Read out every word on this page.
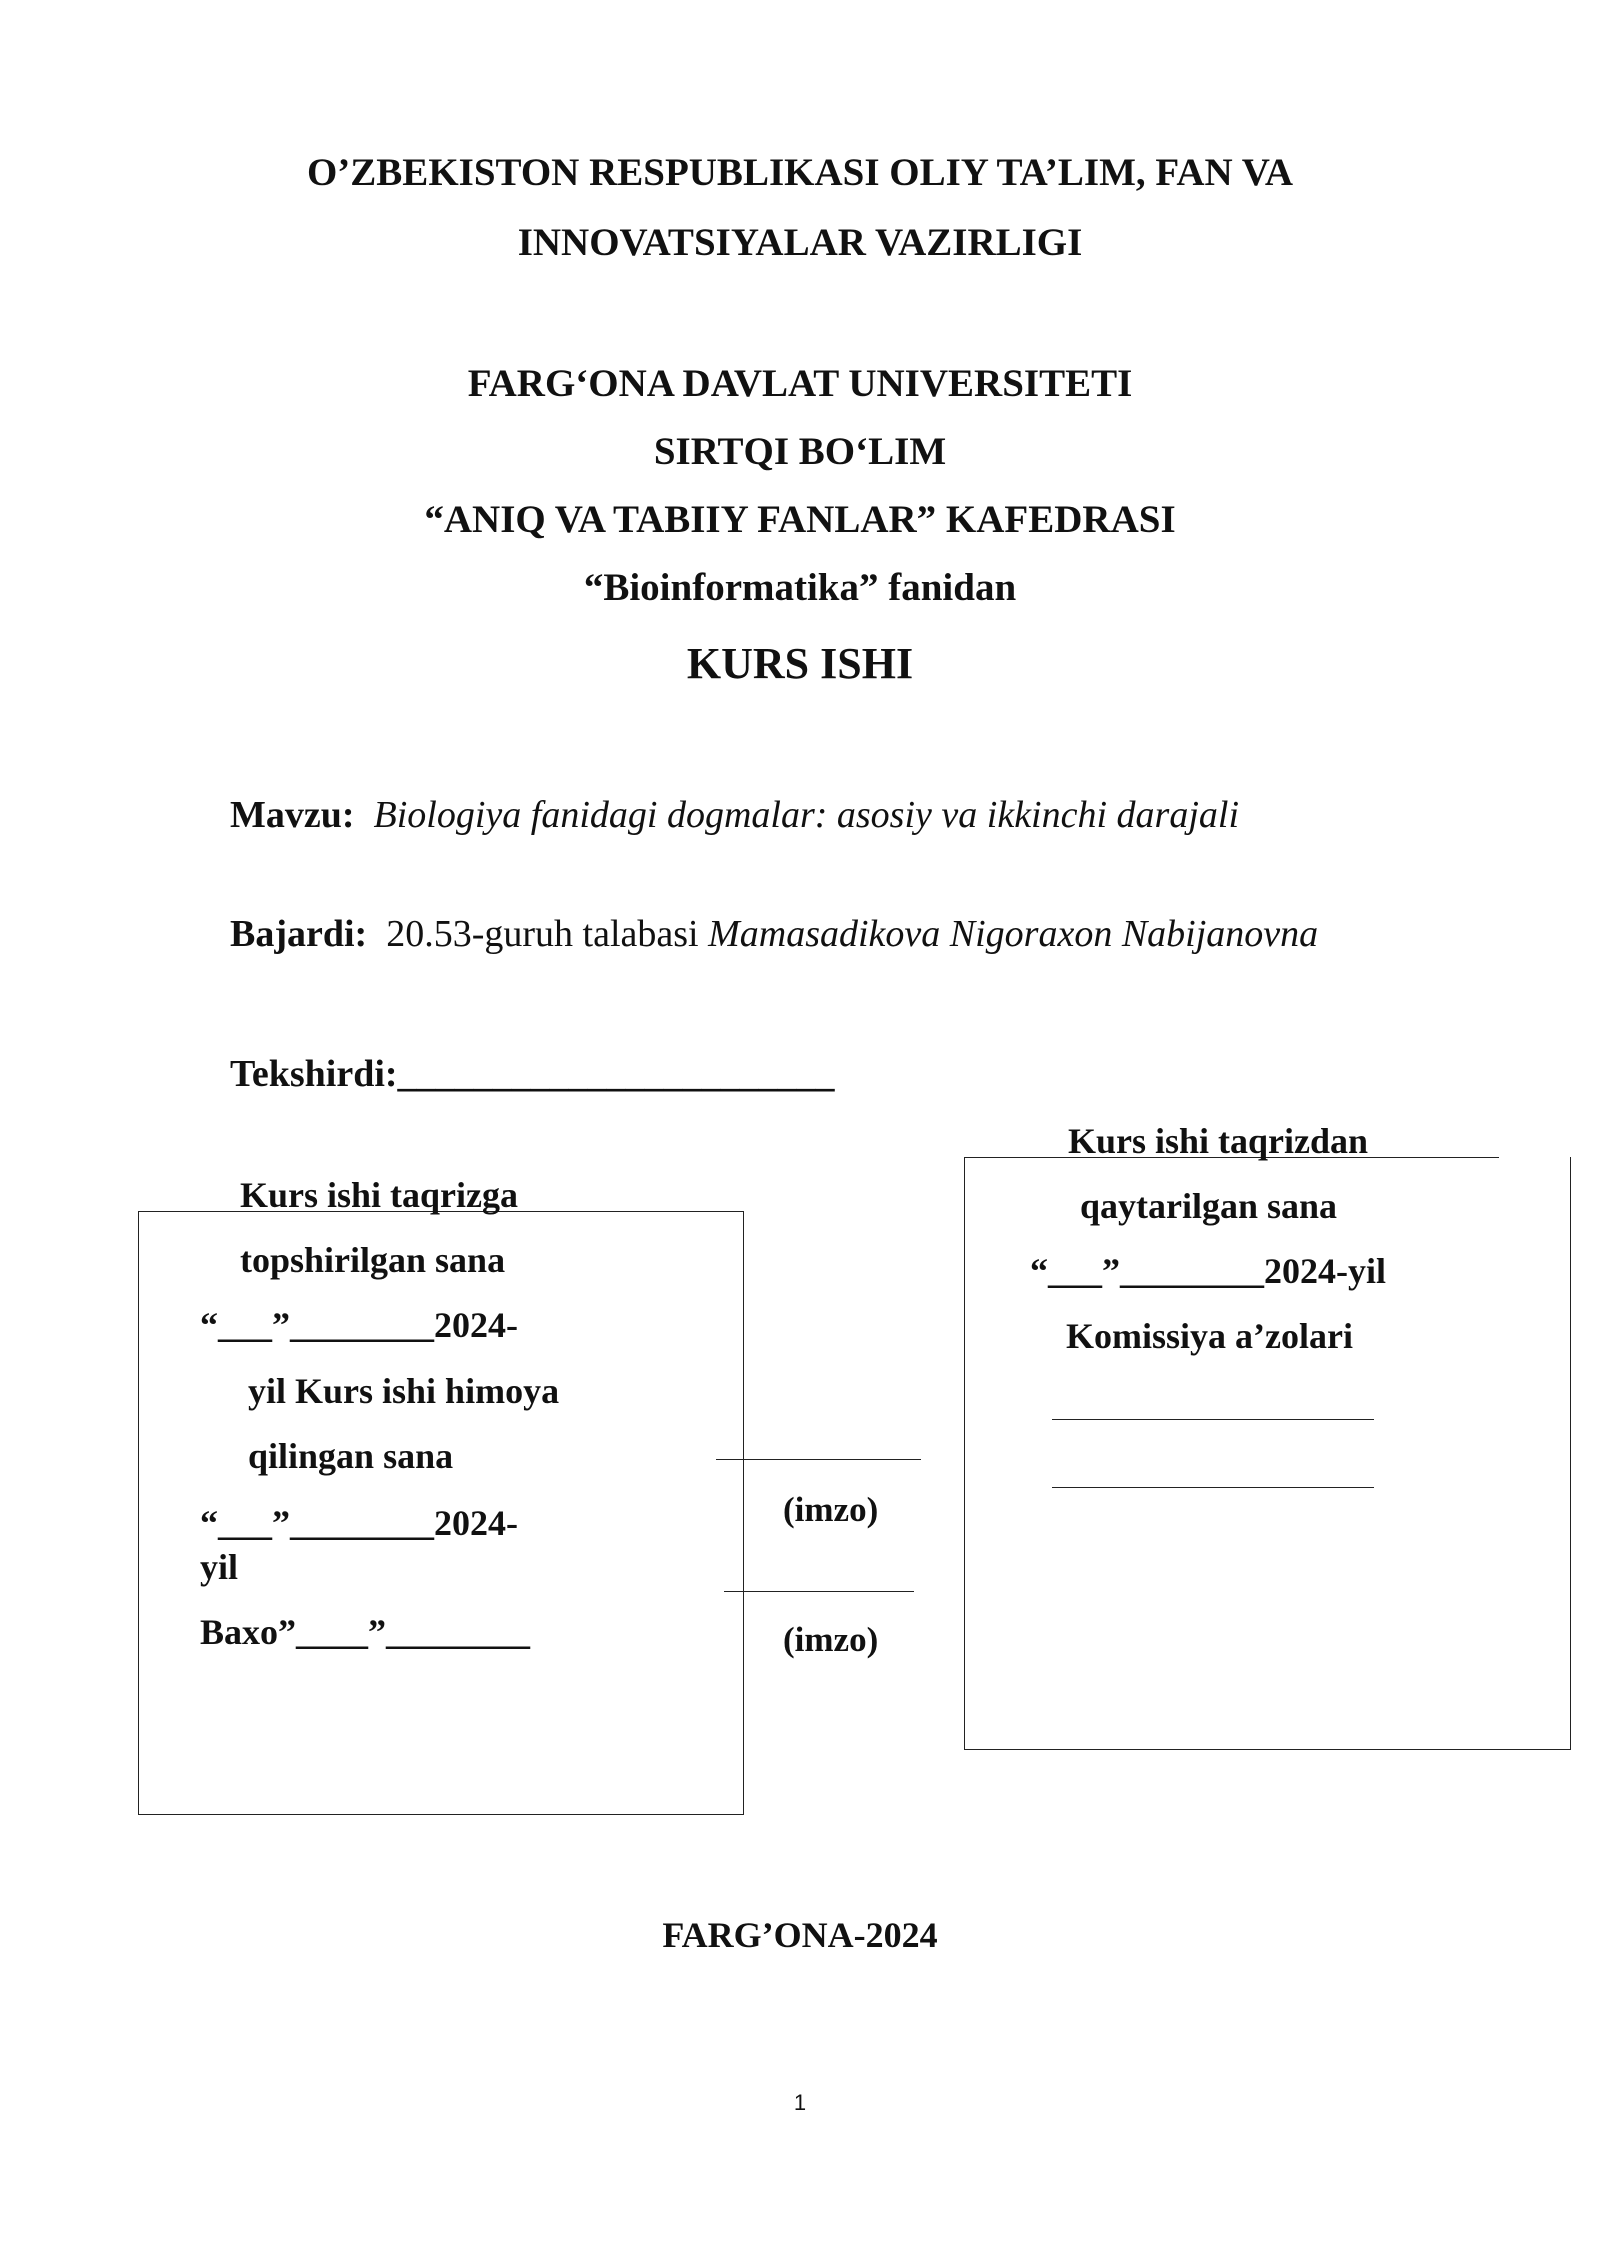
O’ZBEKISTON RESPUBLIKASI OLIY TA’LIM, FAN VA
INNOVATSIYALAR VAZIRLIGI
FARG‘ONA DAVLAT UNIVERSITETI
SIRTQI BO‘LIM
“ANIQ VA TABIIY FANLAR” KAFEDRASI
“Bioinformatika” fanidan
KURS ISHI
Mavzu: Biologiya fanidagi dogmalar: asosiy va ikkinchi darajali
Bajardi: 20.53-guruh talabasi Mamasadikova Nigoraxon Nabijanovna
Tekshirdi:_______________________
Kurs ishi taqrizga
topshirilgan sana
“___”________2024-
yil Kurs ishi himoya
qilingan sana
“___”________2024-
yil
Baxo”____”________
(imzo)
(imzo)
Kurs ishi taqrizdan
qaytarilgan sana
“___”________2024-yil
Komissiya a’zolari
FARG’ONA-2024
1
